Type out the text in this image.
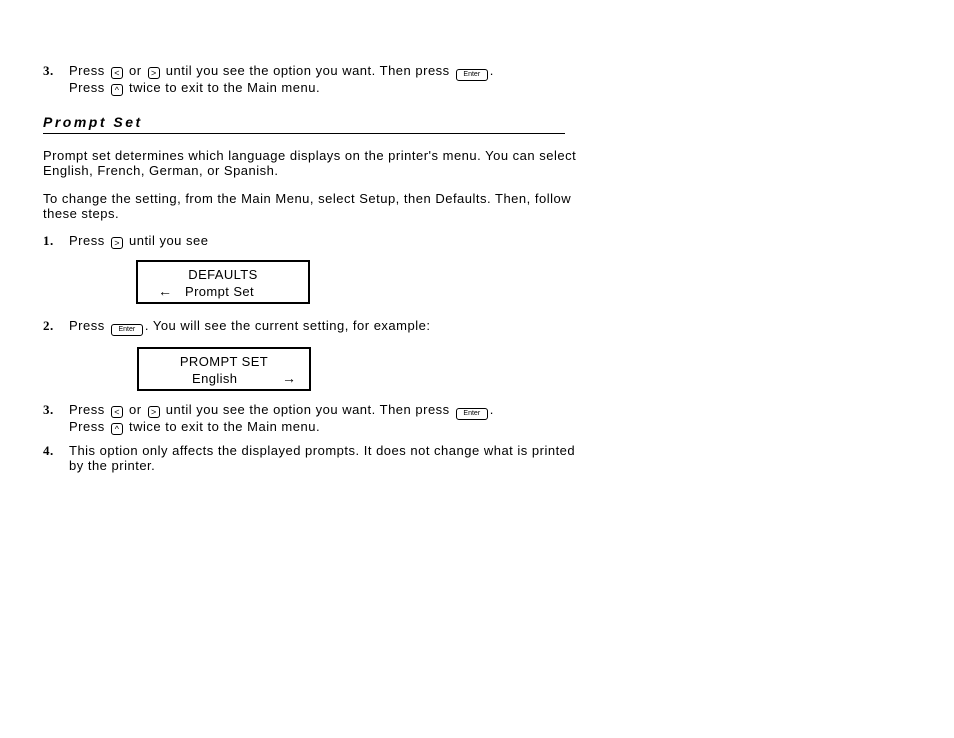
3. Press < or > until you see the option you want. Then press Enter .
Press ^ twice to exit to the Main menu.
Prompt Set
Prompt set determines which language displays on the printer's menu. You can select English, French, German, or Spanish.
To change the setting, from the Main Menu, select Setup, then Defaults. Then, follow these steps.
1. Press > until you see
DEFAULTS
← Prompt Set
2. Press Enter . You will see the current setting, for example:
PROMPT SET
English	→
3. Press < or > until you see the option you want. Then press Enter .
Press ^ twice to exit to the Main menu.
4. This option only affects the displayed prompts. It does not change what is printed by the printer.
